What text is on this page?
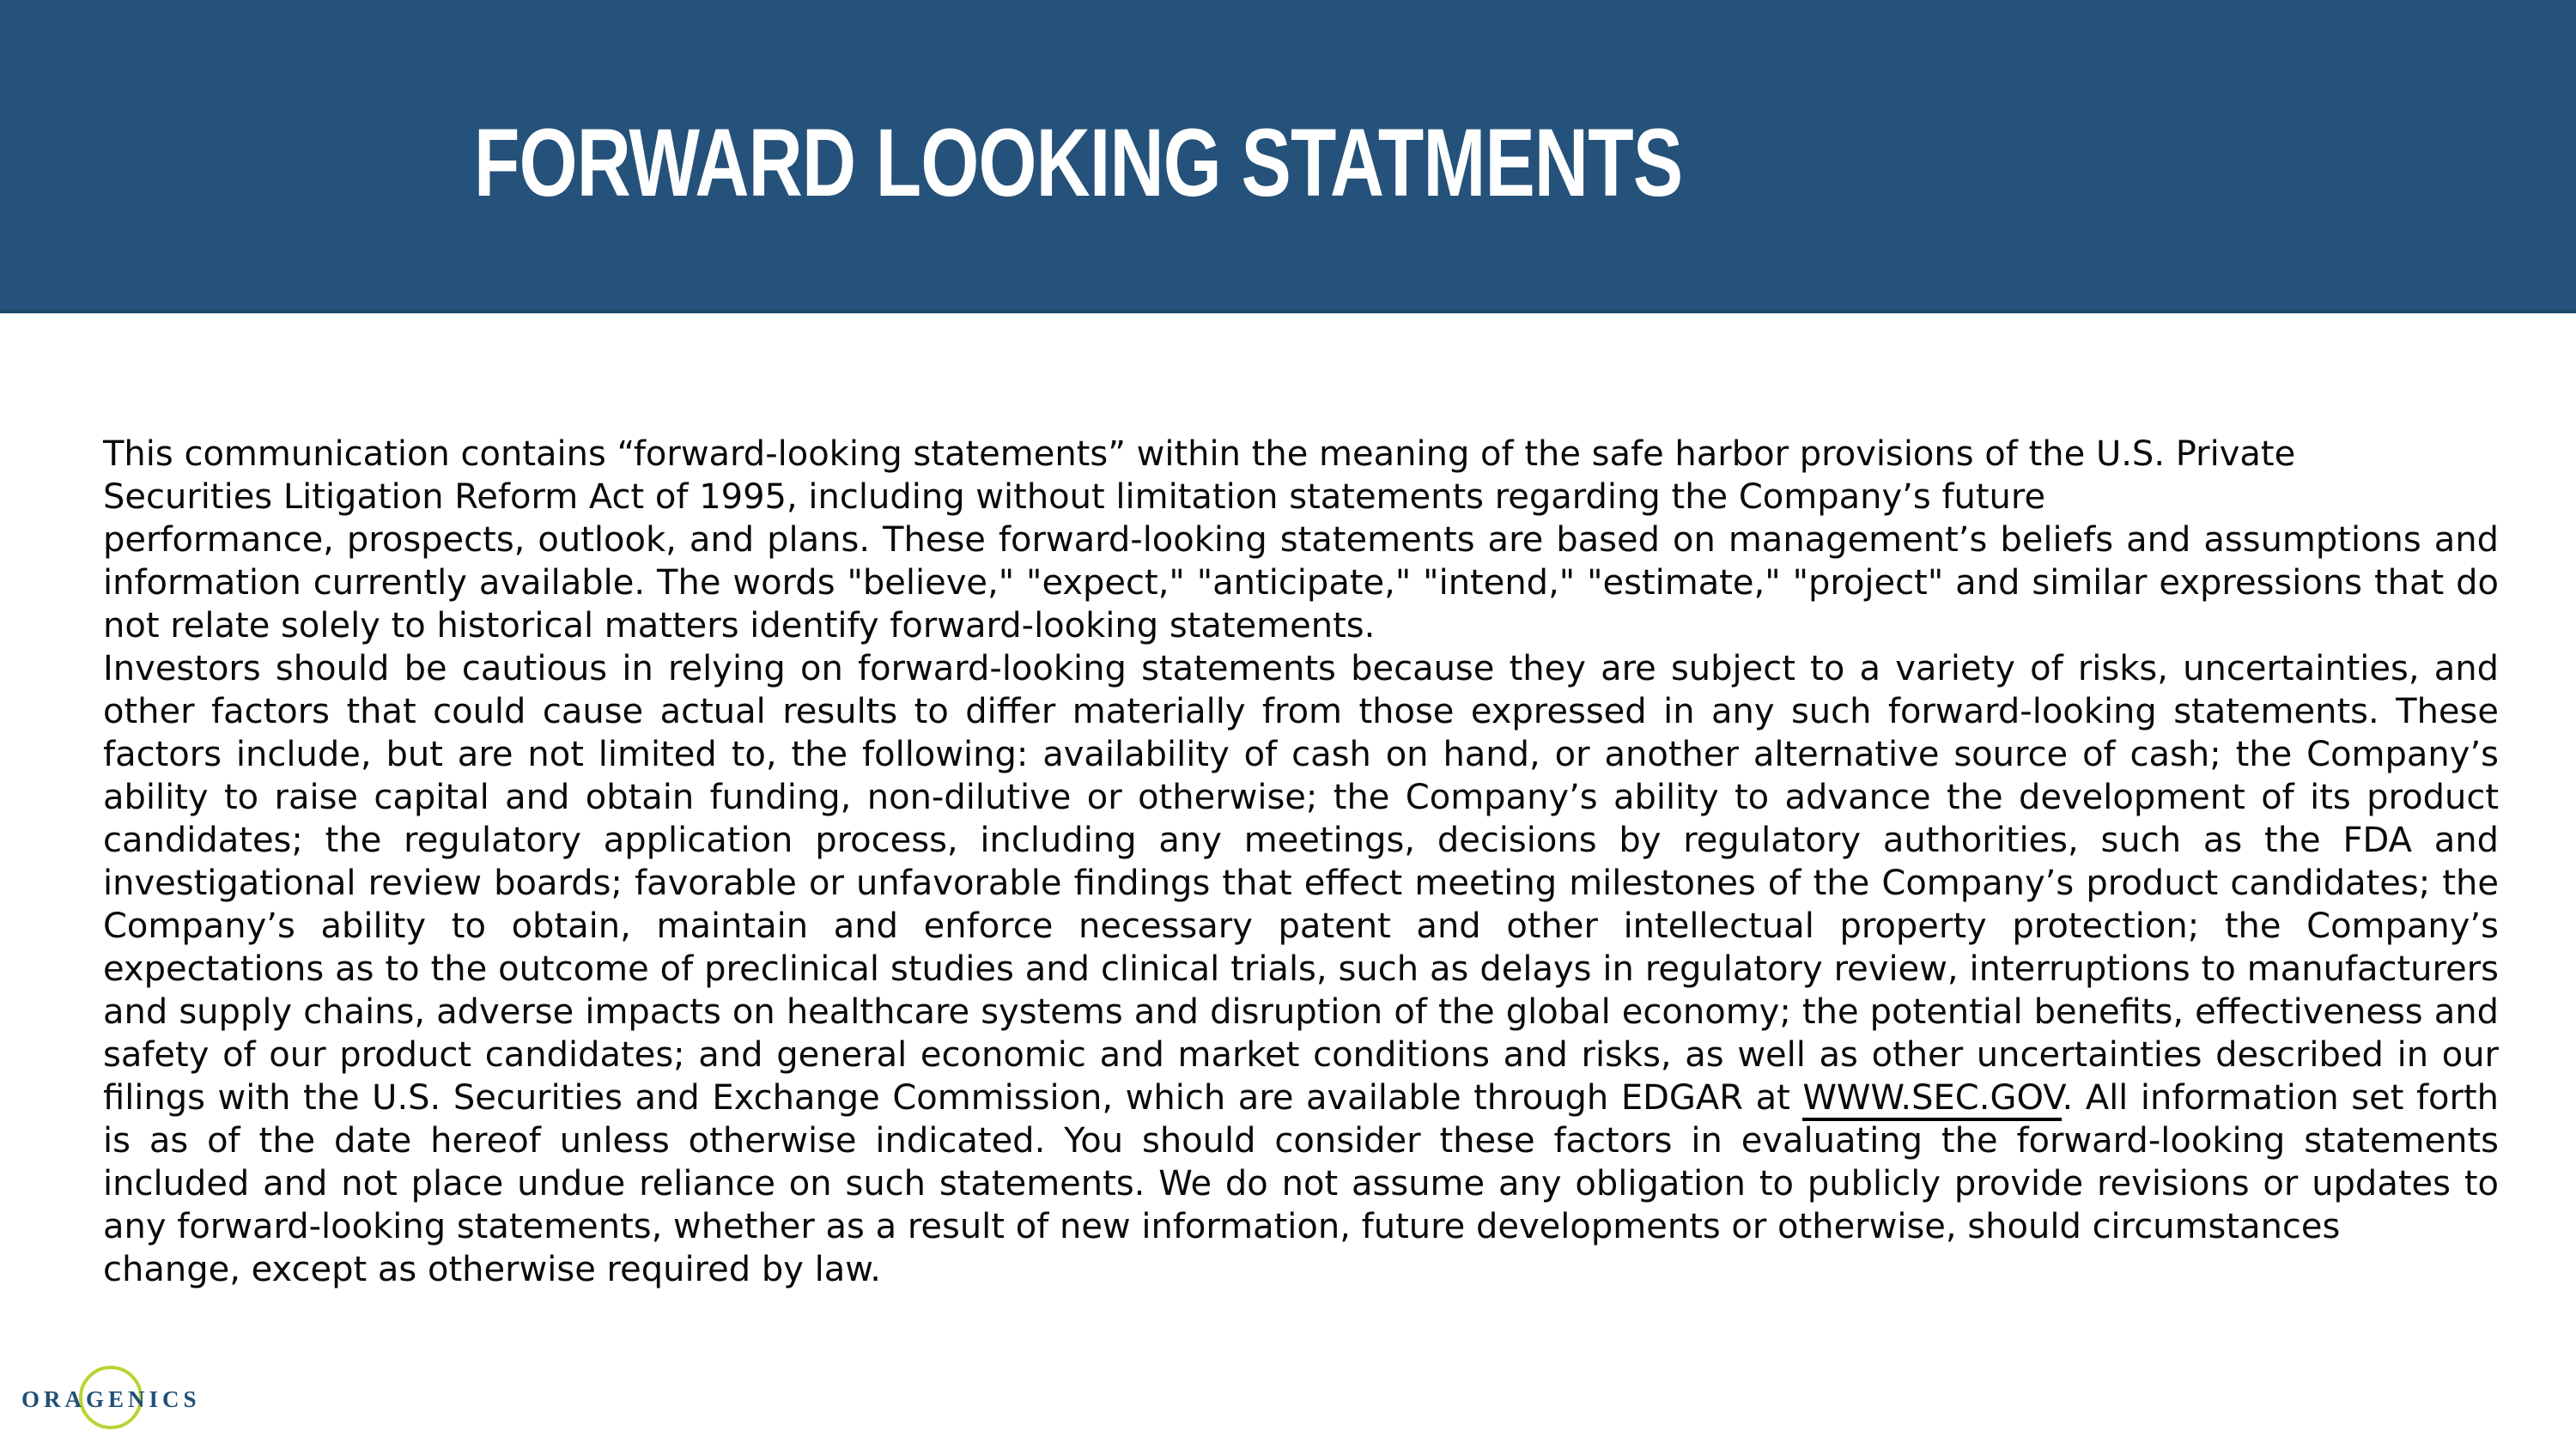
FORWARD LOOKING STATMENTS
This communication contains “forward-looking statements” within the meaning of the safe harbor provisions of the U.S. Private
Securities Litigation Reform Act of 1995, including without limitation statements regarding the Company’s future
performance, prospects, outlook, and plans. These forward-looking statements are based on management’s beliefs and assumptions and information currently available. The words "believe," "expect," "anticipate," "intend," "estimate," "project" and similar expressions that do not relate solely to historical matters identify forward-looking statements.
Investors should be cautious in relying on forward-looking statements because they are subject to a variety of risks, uncertainties, and other factors that could cause actual results to differ materially from those expressed in any such forward-looking statements. These factors include, but are not limited to, the following: availability of cash on hand, or another alternative source of cash; the Company’s ability to raise capital and obtain funding, non-dilutive or otherwise; the Company’s ability to advance the development of its product candidates; the regulatory application process, including any meetings, decisions by regulatory authorities, such as the FDA and investigational review boards; favorable or unfavorable findings that effect meeting milestones of the Company’s product candidates; the Company’s ability to obtain, maintain and enforce necessary patent and other intellectual property protection; the Company’s expectations as to the outcome of preclinical studies and clinical trials, such as delays in regulatory review, interruptions to manufacturers and supply chains, adverse impacts on healthcare systems and disruption of the global economy; the potential benefits, effectiveness and safety of our product candidates; and general economic and market conditions and risks, as well as other uncertainties described in our filings with the U.S. Securities and Exchange Commission, which are available through EDGAR at WWW.SEC.GOV. All information set forth is as of the date hereof unless otherwise indicated. You should consider these factors in evaluating the forward-looking statements included and not place undue reliance on such statements. We do not assume any obligation to publicly provide revisions or updates to any forward-looking statements, whether as a result of new information, future developments or otherwise, should circumstances
change, except as otherwise required by law.
ORAGENICS
